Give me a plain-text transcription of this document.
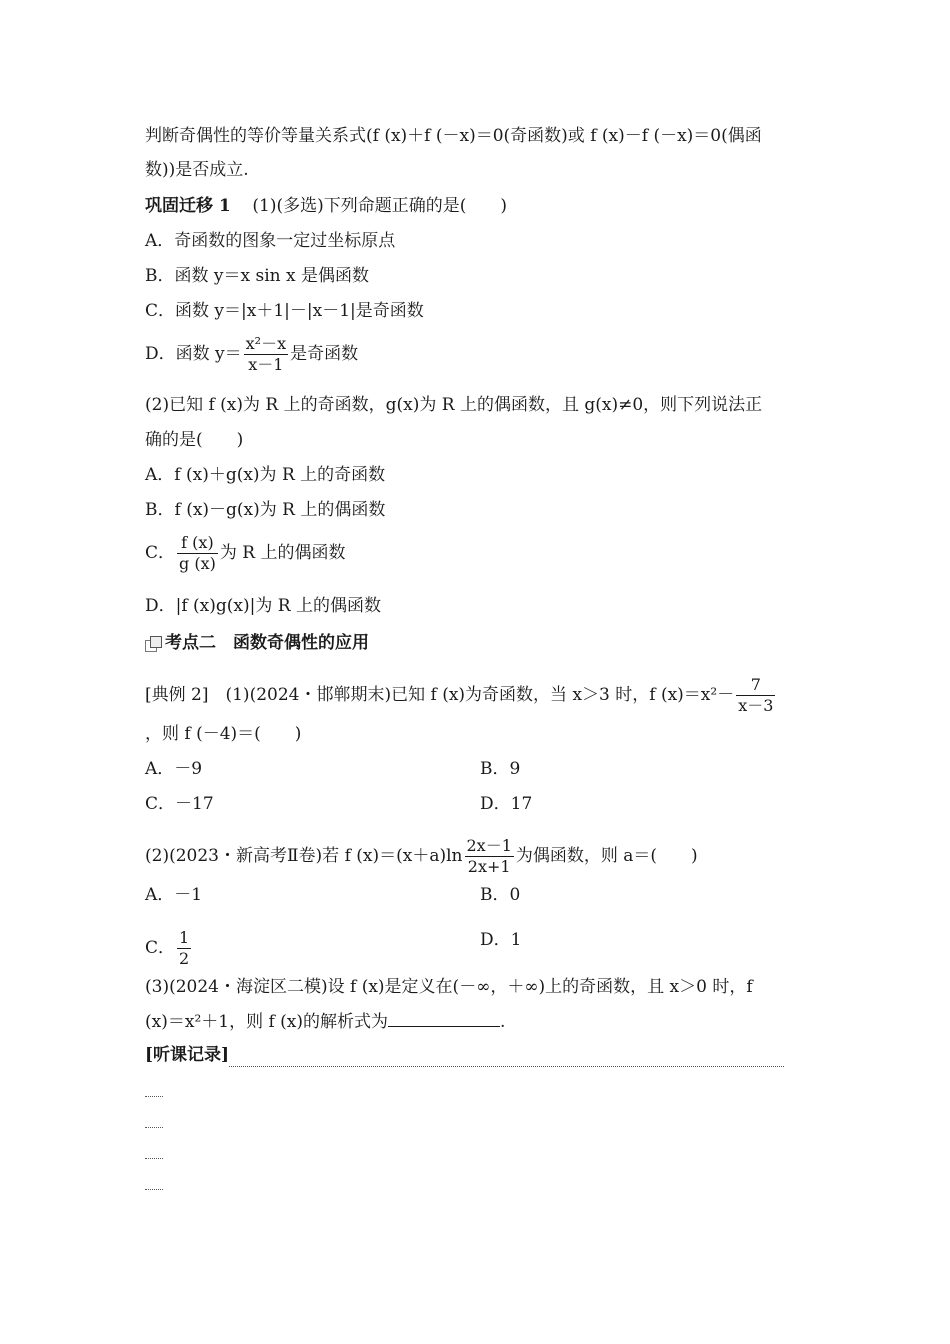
判断奇偶性的等价等量关系式(f (x)＋f (－x)＝0(奇函数)或 f (x)－f (－x)＝0(偶函
数))是否成立.
巩固迁移 1 (1)(多选)下列命题正确的是(　　)
A．奇函数的图象一定过坐标原点
B．函数 y＝x sin x 是偶函数
C．函数 y＝|x＋1|－|x－1|是奇函数
D．函数 $y= \frac{\text{x²－x}}{x-1}$ 是奇函数
(2)已知 f (x)为 R 上的奇函数，g(x)为 R 上的偶函数，且 g(x)≠0，则下列说法正
确的是(　　)
A．f (x)＋g(x)为 R 上的奇函数
B．f (x)－g(x)为 R 上的偶函数
C． $\frac{f (x)}{g (x)}$ 为 R 上的偶函数
D．|f (x)g(x)|为 R 上的偶函数
考点二　函数奇偶性的应用
[典例 2]　(1)(2024・邯郸期末)已知 f (x)为奇函数，当 x＞3 时，f $(x)=x^2- \frac{7}{x-3}$
，则 f (－4)＝(　　)
A．－9	B．9
C．－17	D．17
(2)(2023・新高考Ⅱ卷)若 f $(x)=(x+a)\ln \frac{2x-1}{2x+1}$ 为偶函数，则 a＝(　　)
A．－1	B．0
C． $\frac{1}{2}$	D．1
(3)(2024・海淀区二模)设 f (x)是定义在(－∞，＋∞)上的奇函数，且 x＞0 时，f
(x)＝x²＋1，则 f (x)的解析式为	.
[听课记录]
